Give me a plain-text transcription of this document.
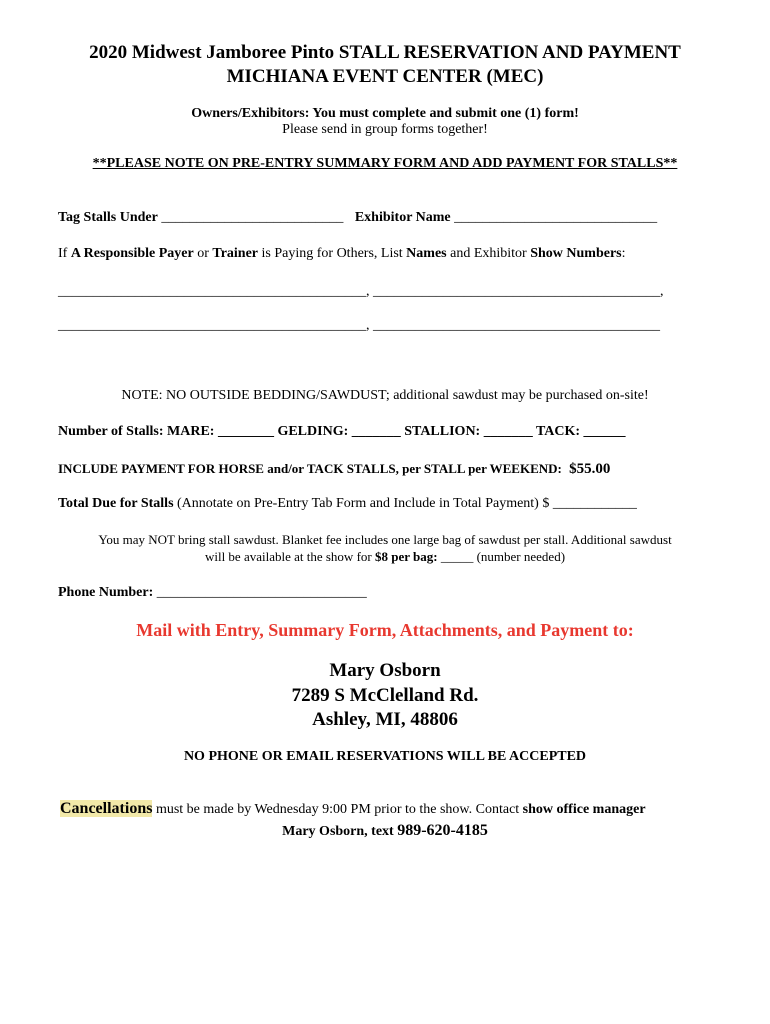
2020 Midwest Jamboree Pinto STALL RESERVATION AND PAYMENT
MICHIANA EVENT CENTER (MEC)
Owners/Exhibitors: You must complete and submit one (1) form!
Please send in group forms together!
**PLEASE NOTE ON PRE-ENTRY SUMMARY FORM AND ADD PAYMENT FOR STALLS**
Tag Stalls Under __________________________ Exhibitor Name _____________________________
If A Responsible Payer or Trainer is Paying for Others, List Names and Exhibitor Show Numbers:
____________________________________________, _________________________________________,
____________________________________________, _________________________________________
NOTE: NO OUTSIDE BEDDING/SAWDUST; additional sawdust may be purchased on-site!
Number of Stalls: MARE: ________ GELDING: _______ STALLION: _______ TACK: ______
INCLUDE PAYMENT FOR HORSE and/or TACK STALLS, per STALL per WEEKEND: $55.00
Total Due for Stalls (Annotate on Pre-Entry Tab Form and Include in Total Payment) $ ____________
You may NOT bring stall sawdust. Blanket fee includes one large bag of sawdust per stall. Additional sawdust
will be available at the show for $8 per bag: _____ (number needed)
Phone Number: ______________________________
Mail with Entry, Summary Form, Attachments, and Payment to:
Mary Osborn
7289 S McClelland Rd.
Ashley, MI, 48806
NO PHONE OR EMAIL RESERVATIONS WILL BE ACCEPTED
Cancellations must be made by Wednesday 9:00 PM prior to the show. Contact show office manager
Mary Osborn, text 989-620-4185
